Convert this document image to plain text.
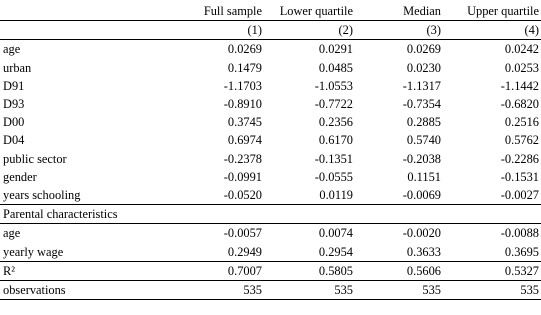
	Full sample	Lower quartile	Median	Upper quartile
	(1)	(2)	(3)	(4)
age	0.0269	0.0291	0.0269	0.0242
urban	0.1479	0.0485	0.0230	0.0253
D91	-1.1703	-1.0553	-1.1317	-1.1442
D93	-0.8910	-0.7722	-0.7354	-0.6820
D00	0.3745	0.2356	0.2885	0.2516
D04	0.6974	0.6170	0.5740	0.5762
public sector	-0.2378	-0.1351	-0.2038	-0.2286
gender	-0.0991	-0.0555	0.1151	-0.1531
years schooling	-0.0520	0.0119	-0.0069	-0.0027
Parental characteristics				
age	-0.0057	0.0074	-0.0020	-0.0088
yearly wage	0.2949	0.2954	0.3633	0.3695
R²	0.7007	0.5805	0.5606	0.5327
observations	535	535	535	535
